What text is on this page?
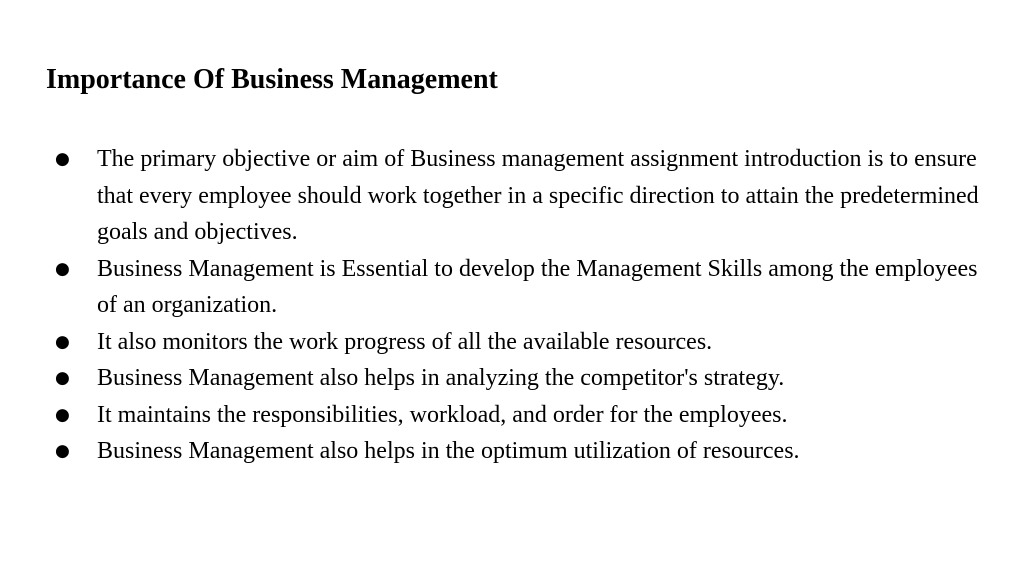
Importance Of Business Management
● The primary objective or aim of Business management assignment introduction is to ensure that every employee should work together in a specific direction to attain the predetermined goals and objectives.
● Business Management is Essential to develop the Management Skills among the employees of an organization.
● It also monitors the work progress of all the available resources.
● Business Management also helps in analyzing the competitor's strategy.
● It maintains the responsibilities, workload, and order for the employees.
● Business Management also helps in the optimum utilization of resources.
